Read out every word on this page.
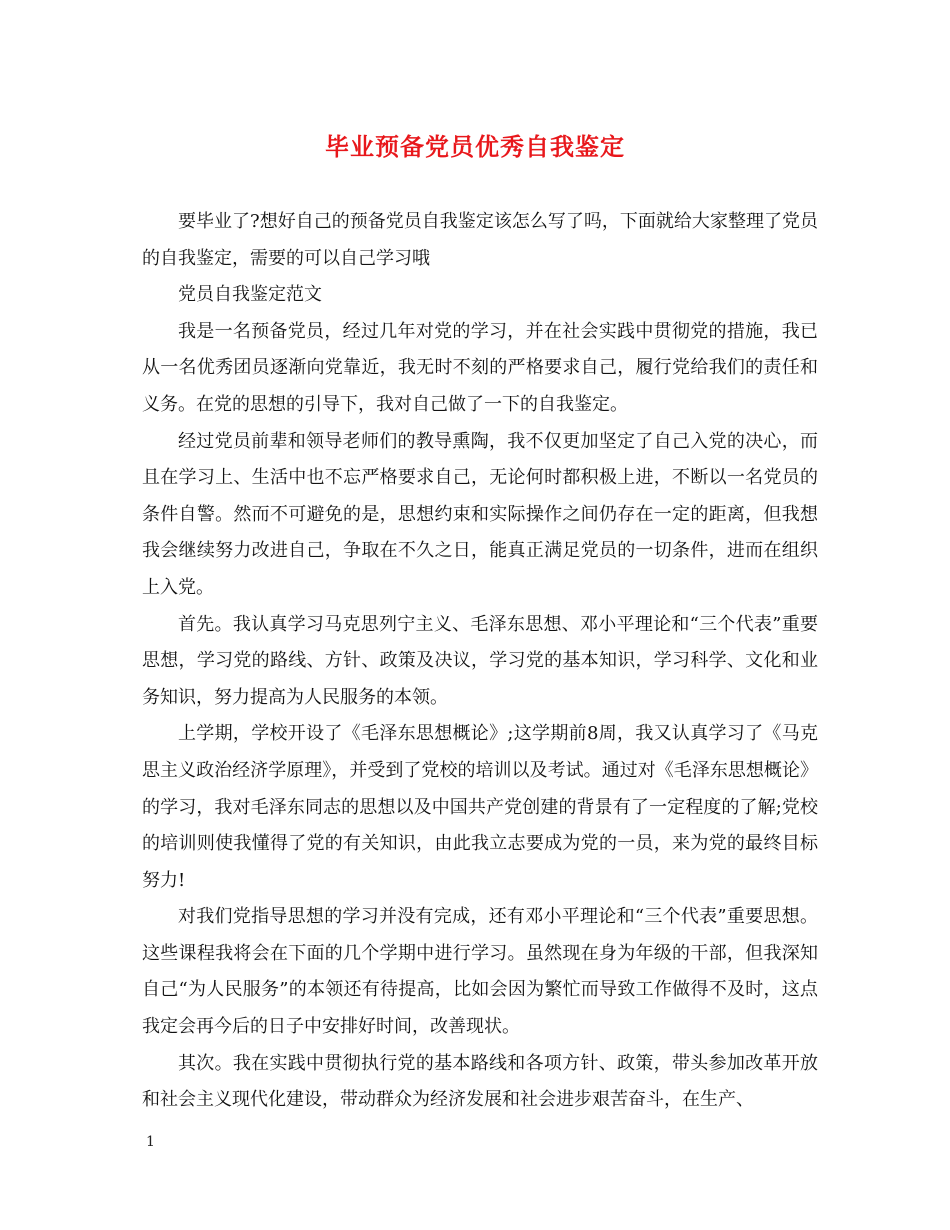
毕业预备党员优秀自我鉴定

要毕业了?想好自己的预备党员自我鉴定该怎么写了吗，下面就给大家整理了党员的自我鉴定，需要的可以自己学习哦

党员自我鉴定范文

我是一名预备党员，经过几年对党的学习，并在社会实践中贯彻党的措施，我已从一名优秀团员逐渐向党靠近，我无时不刻的严格要求自己，履行党给我们的责任和义务。在党的思想的引导下，我对自己做了一下的自我鉴定。

经过党员前辈和领导老师们的教导熏陶，我不仅更加坚定了自己入党的决心，而且在学习上、生活中也不忘严格要求自己，无论何时都积极上进，不断以一名党员的条件自警。然而不可避免的是，思想约束和实际操作之间仍存在一定的距离，但我想我会继续努力改进自己，争取在不久之日，能真正满足党员的一切条件，进而在组织上入党。

首先。我认真学习马克思列宁主义、毛泽东思想、邓小平理论和“三个代表”重要思想，学习党的路线、方针、政策及决议，学习党的基本知识，学习科学、文化和业务知识，努力提高为人民服务的本领。

上学期，学校开设了《毛泽东思想概论》;这学期前8周，我又认真学习了《马克思主义政治经济学原理》，并受到了党校的培训以及考试。通过对《毛泽东思想概论》的学习，我对毛泽东同志的思想以及中国共产党创建的背景有了一定程度的了解;党校的培训则使我懂得了党的有关知识，由此我立志要成为党的一员，来为党的最终目标努力!

对我们党指导思想的学习并没有完成，还有邓小平理论和“三个代表”重要思想。这些课程我将会在下面的几个学期中进行学习。虽然现在身为年级的干部，但我深知自己“为人民服务”的本领还有待提高，比如会因为繁忙而导致工作做得不及时，这点我定会再今后的日子中安排好时间，改善现状。

其次。我在实践中贯彻执行党的基本路线和各项方针、政策，带头参加改革开放和社会主义现代化建设，带动群众为经济发展和社会进步艰苦奋斗，在生产、

1
